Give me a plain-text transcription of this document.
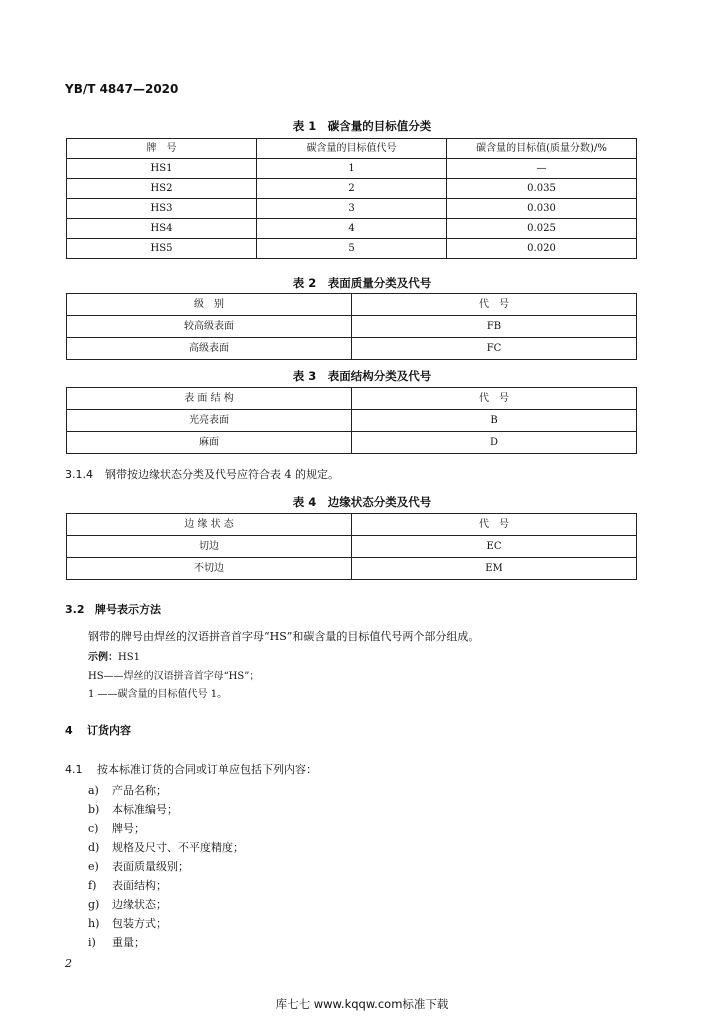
YB/T 4847—2020
表 1　碳含量的目标值分类
牌　号	碳含量的目标值代号	碳含量的目标值(质量分数)/%
HS1	1	—
HS2	2	0.035
HS3	3	0.030
HS4	4	0.025
HS5	5	0.020
表 2　表面质量分类及代号
级　别	代　号
较高级表面	FB
高级表面	FC
表 3　表面结构分类及代号
表 面 结 构	代　号
光亮表面	B
麻面	D
3.1.4 钢带按边缘状态分类及代号应符合表 4 的规定。
表 4　边缘状态分类及代号
边 缘 状 态	代　号
切边	EC
不切边	EM
3.2 牌号表示方法
钢带的牌号由焊丝的汉语拼音首字母“HS”和碳含量的目标值代号两个部分组成。
示例：HS1
HS——焊丝的汉语拼音首字母“HS”；
1 ——碳含量的目标值代号 1。
4 订货内容
4.1 按本标准订货的合同或订单应包括下列内容：
a) 产品名称；
b) 本标准编号；
c) 牌号；
d) 规格及尺寸、不平度精度；
e) 表面质量级别；
f) 表面结构；
g) 边缘状态；
h) 包装方式；
i) 重量；
2
库七七 www.kqqw.com标准下载
